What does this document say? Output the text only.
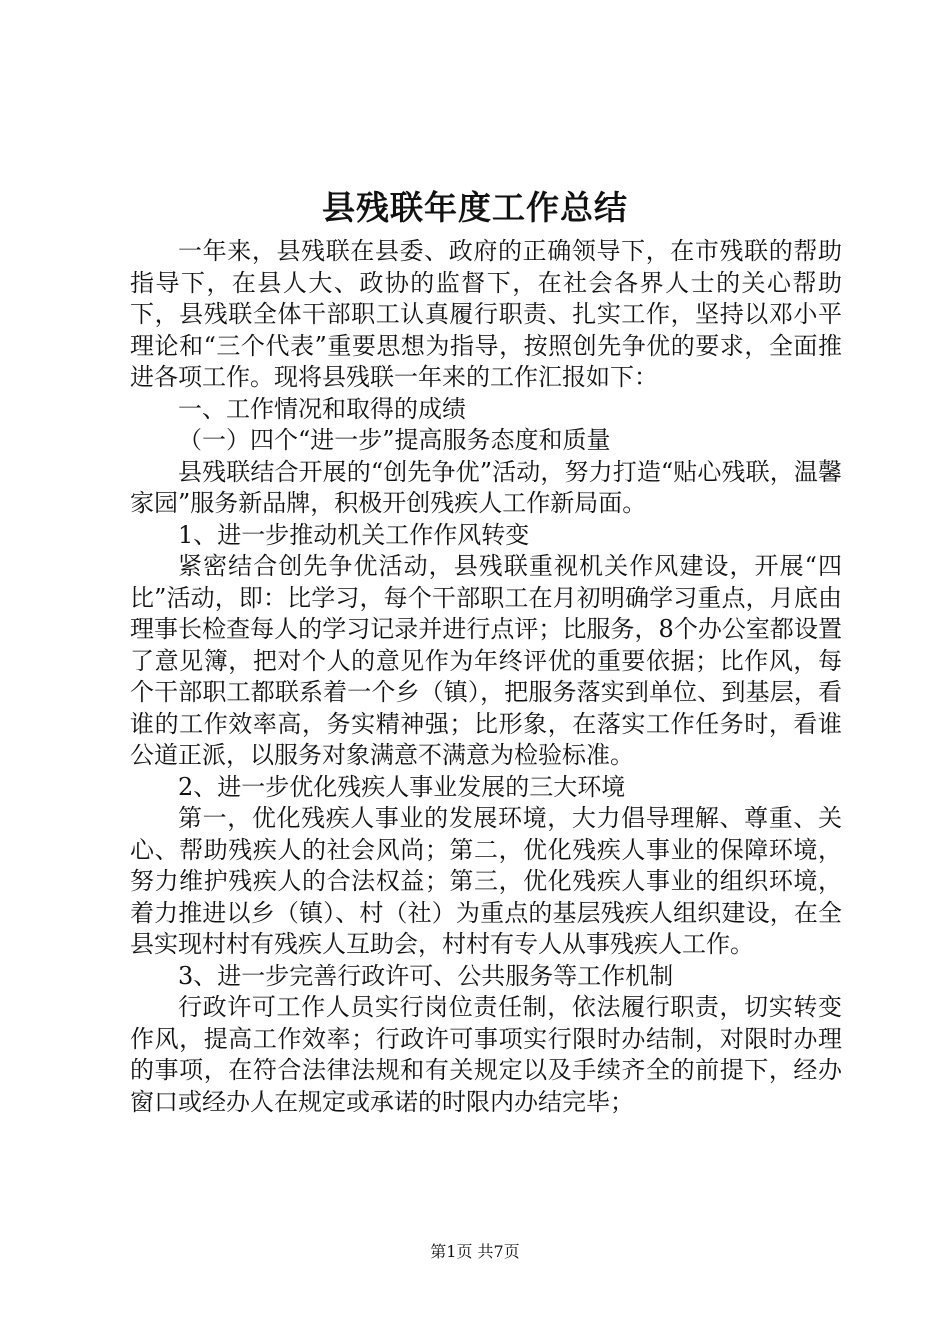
县残联年度工作总结

一年来，县残联在县委、政府的正确领导下，在市残联的帮助指导下，在县人大、政协的监督下，在社会各界人士的关心帮助下，县残联全体干部职工认真履行职责、扎实工作，坚持以邓小平理论和“三个代表”重要思想为指导，按照创先争优的要求，全面推进各项工作。现将县残联一年来的工作汇报如下：

一、工作情况和取得的成绩

（一）四个“进一步”提高服务态度和质量

县残联结合开展的“创先争优”活动，努力打造“贴心残联，温馨家园”服务新品牌，积极开创残疾人工作新局面。

1、进一步推动机关工作作风转变

紧密结合创先争优活动，县残联重视机关作风建设，开展“四比”活动，即：比学习，每个干部职工在月初明确学习重点，月底由理事长检查每人的学习记录并进行点评；比服务，8个办公室都设置了意见簿，把对个人的意见作为年终评优的重要依据；比作风，每个干部职工都联系着一个乡（镇），把服务落实到单位、到基层，看谁的工作效率高，务实精神强；比形象，在落实工作任务时，看谁公道正派，以服务对象满意不满意为检验标准。

2、进一步优化残疾人事业发展的三大环境

第一，优化残疾人事业的发展环境，大力倡导理解、尊重、关心、帮助残疾人的社会风尚；第二，优化残疾人事业的保障环境，努力维护残疾人的合法权益；第三，优化残疾人事业的组织环境，着力推进以乡（镇）、村（社）为重点的基层残疾人组织建设，在全县实现村村有残疾人互助会，村村有专人从事残疾人工作。

3、进一步完善行政许可、公共服务等工作机制

行政许可工作人员实行岗位责任制，依法履行职责，切实转变作风，提高工作效率；行政许可事项实行限时办结制，对限时办理的事项，在符合法律法规和有关规定以及手续齐全的前提下，经办窗口或经办人在规定或承诺的时限内办结完毕；

第1页 共7页
